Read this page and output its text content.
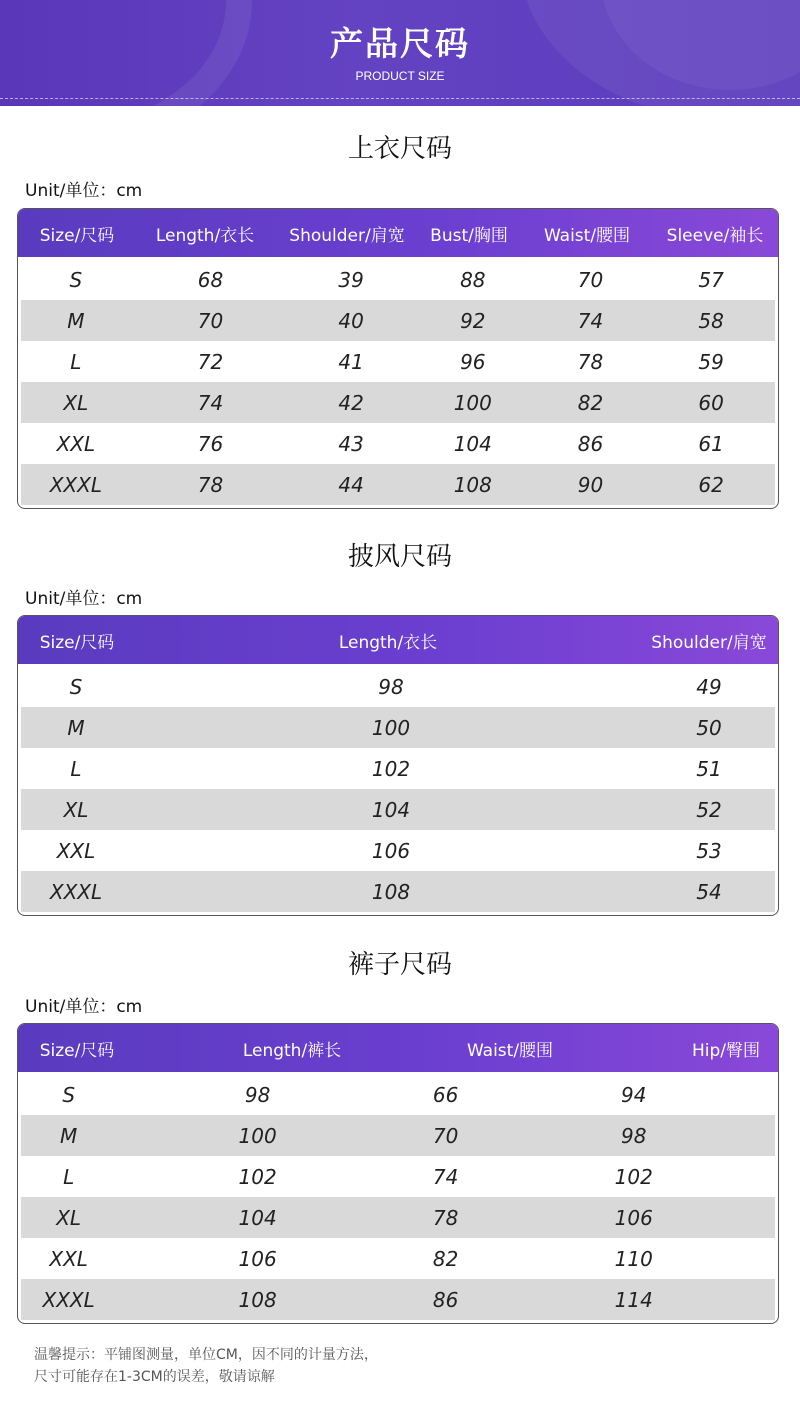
产品尺码
PRODUCT SIZE
上衣尺码
Unit/单位：cm
Size/尺码	Length/衣长	Shoulder/肩宽	Bust/胸围	Waist/腰围	Sleeve/袖长
S	68	39	88	70	57
M	70	40	92	74	58
L	72	41	96	78	59
XL	74	42	100	82	60
XXL	76	43	104	86	61
XXXL	78	44	108	90	62
披风尺码
Unit/单位：cm
Size/尺码	Length/衣长	Shoulder/肩宽
S	98	49
M	100	50
L	102	51
XL	104	52
XXL	106	53
XXXL	108	54
裤子尺码
Unit/单位：cm
Size/尺码	Length/裤长	Waist/腰围	Hip/臀围
S	98	66	94
M	100	70	98
L	102	74	102
XL	104	78	106
XXL	106	82	110
XXXL	108	86	114
温馨提示：平铺图测量，单位CM，因不同的计量方法，
尺寸可能存在1-3CM的误差，敬请谅解
